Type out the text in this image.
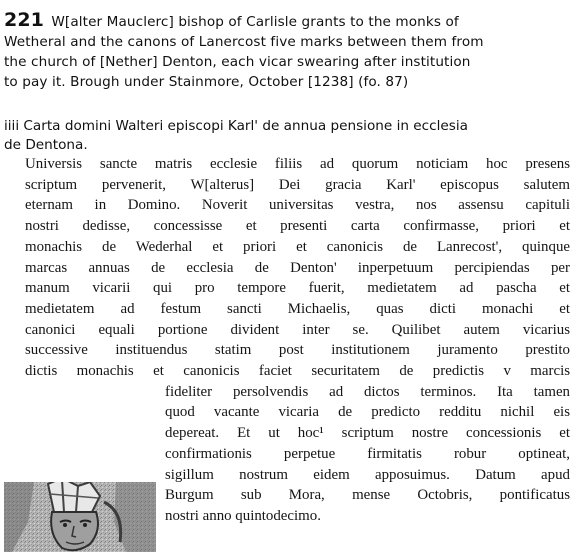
221 W[alter Mauclerc] bishop of Carlisle grants to the monks of
Wetheral and the canons of Lanercost five marks between them from
the church of [Nether] Denton, each vicar swearing after institution
to pay it. Brough under Stainmore, October [1238] (fo. 87)
iiii Carta domini Walteri episcopi Karl' de annua pensione in ecclesia
de Dentona.
Universis sancte matris ecclesie filiis ad quorum noticiam hoc presens
scriptum pervenerit, W[alterus] Dei gracia Karl' episcopus salutem
eternam in Domino. Noverit universitas vestra, nos assensu capituli
nostri dedisse, concessisse et presenti carta confirmasse, priori et
monachis de Wederhal et priori et canonicis de Lanrecost', quinque
marcas annuas de ecclesia de Denton' inperpetuum percipiendas per
manum vicarii qui pro tempore fuerit, medietatem ad pascha et
medietatem ad festum sancti Michaelis, quas dicti monachi et
canonici equali portione divident inter se. Quilibet autem vicarius
successive instituendus statim post institutionem juramento prestito
dictis monachis et canonicis faciet securitatem de predictis v marcis
fideliter persolvendis ad dictos terminos. Ita tamen
quod vacante vicaria de predicto redditu nichil eis
depereat. Et ut hoc¹ scriptum nostre concessionis et
confirmationis perpetue firmitatis robur optineat,
sigillum nostrum eidem apposuimus. Datum apud
Burgum sub Mora, mense Octobris, pontificatus
nostri anno quintodecimo.
